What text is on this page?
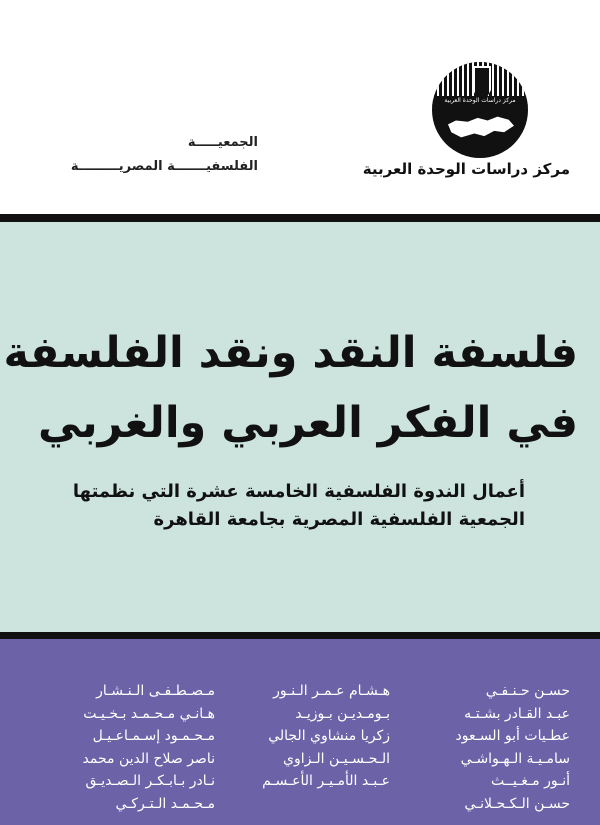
مركز دراسات الوحدة العربية
مركز دراسات الوحدة العربية
الجمعيـــــة
الفلسفيـــــــة المصريـــــــــة
فلسفة النقد ونقد الفلسفة
في الفكر العربي والغربي
أعمال الندوة الفلسفية الخامسة عشرة التي نظمتها
الجمعية الفلسفية المصرية بجامعة القاهرة
حسـن حـنـفـي
عبـد القـادر بشـتـه
عطـيات أبو السـعود
سامـيـة الـهـواشـي
أنـور مـغـيــث
حسـن الـكـحـلانـي
هـشـام عـمـر الـنـور
بـومـديـن بـوزيـد
زكريا منشاوي الجالي
الـحـسـيـن الـزاوي
عـبـد الأمـيـر الأعـسـم
مـصـطـفـى الـنـشـار
هـانـي مـحـمـد بـخـيـت
مـحـمـود إسـمـاعـيـل
ناصر صلاح الدين محمد
نـادر بـابـكـر الـصـديـق
مـحـمـد الـتـركـي
